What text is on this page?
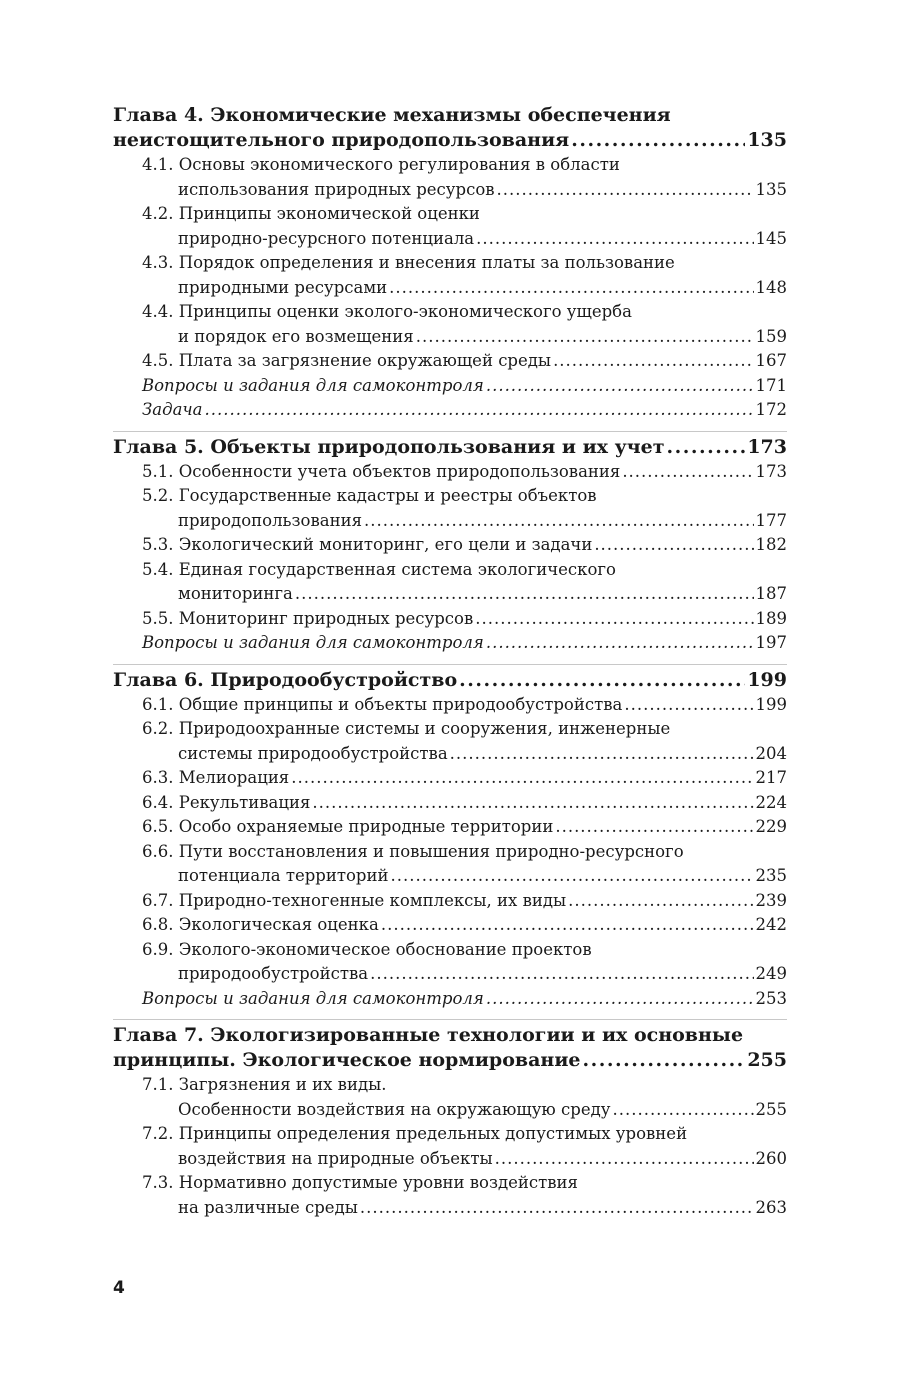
Глава 4. Экономические механизмы обеспечения
неистощительного природопользования .....	135
4.1. Основы экономического регулирования в области
использования природных ресурсов .....	135
4.2. Принципы экономической оценки
природно-ресурсного потенциала .....	145
4.3. Порядок определения и внесения платы за пользование
природными ресурсами .....	148
4.4. Принципы оценки эколого-экономического ущерба
и порядок его возмещения .....	159
4.5. Плата за загрязнение окружающей среды .....	167
Вопросы и задания для самоконтроля .....	171
Задача .....	172
Глава 5. Объекты природопользования и их учет .....	173
5.1. Особенности учета объектов природопользования .....	173
5.2. Государственные кадастры и реестры объектов
природопользования .....	177
5.3. Экологический мониторинг, его цели и задачи .....	182
5.4. Единая государственная система экологического
мониторинга .....	187
5.5. Мониторинг природных ресурсов .....	189
Вопросы и задания для самоконтроля .....	197
Глава 6. Природообустройство .....	199
6.1. Общие принципы и объекты природообустройства .....	199
6.2. Природоохранные системы и сооружения, инженерные
системы природообустройства .....	204
6.3. Мелиорация .....	217
6.4. Рекультивация .....	224
6.5. Особо охраняемые природные территории .....	229
6.6. Пути восстановления и повышения природно-ресурсного
потенциала территорий .....	235
6.7. Природно-техногенные комплексы, их виды .....	239
6.8. Экологическая оценка .....	242
6.9. Эколого-экономическое обоснование проектов
природообустройства .....	249
Вопросы и задания для самоконтроля .....	253
Глава 7. Экологизированные технологии и их основные
принципы. Экологическое нормирование .....	255
7.1. Загрязнения и их виды.
Особенности воздействия на окружающую среду .....	255
7.2. Принципы определения предельных допустимых уровней
воздействия на природные объекты .....	260
7.3. Нормативно допустимые уровни воздействия
на различные среды .....	263
4
